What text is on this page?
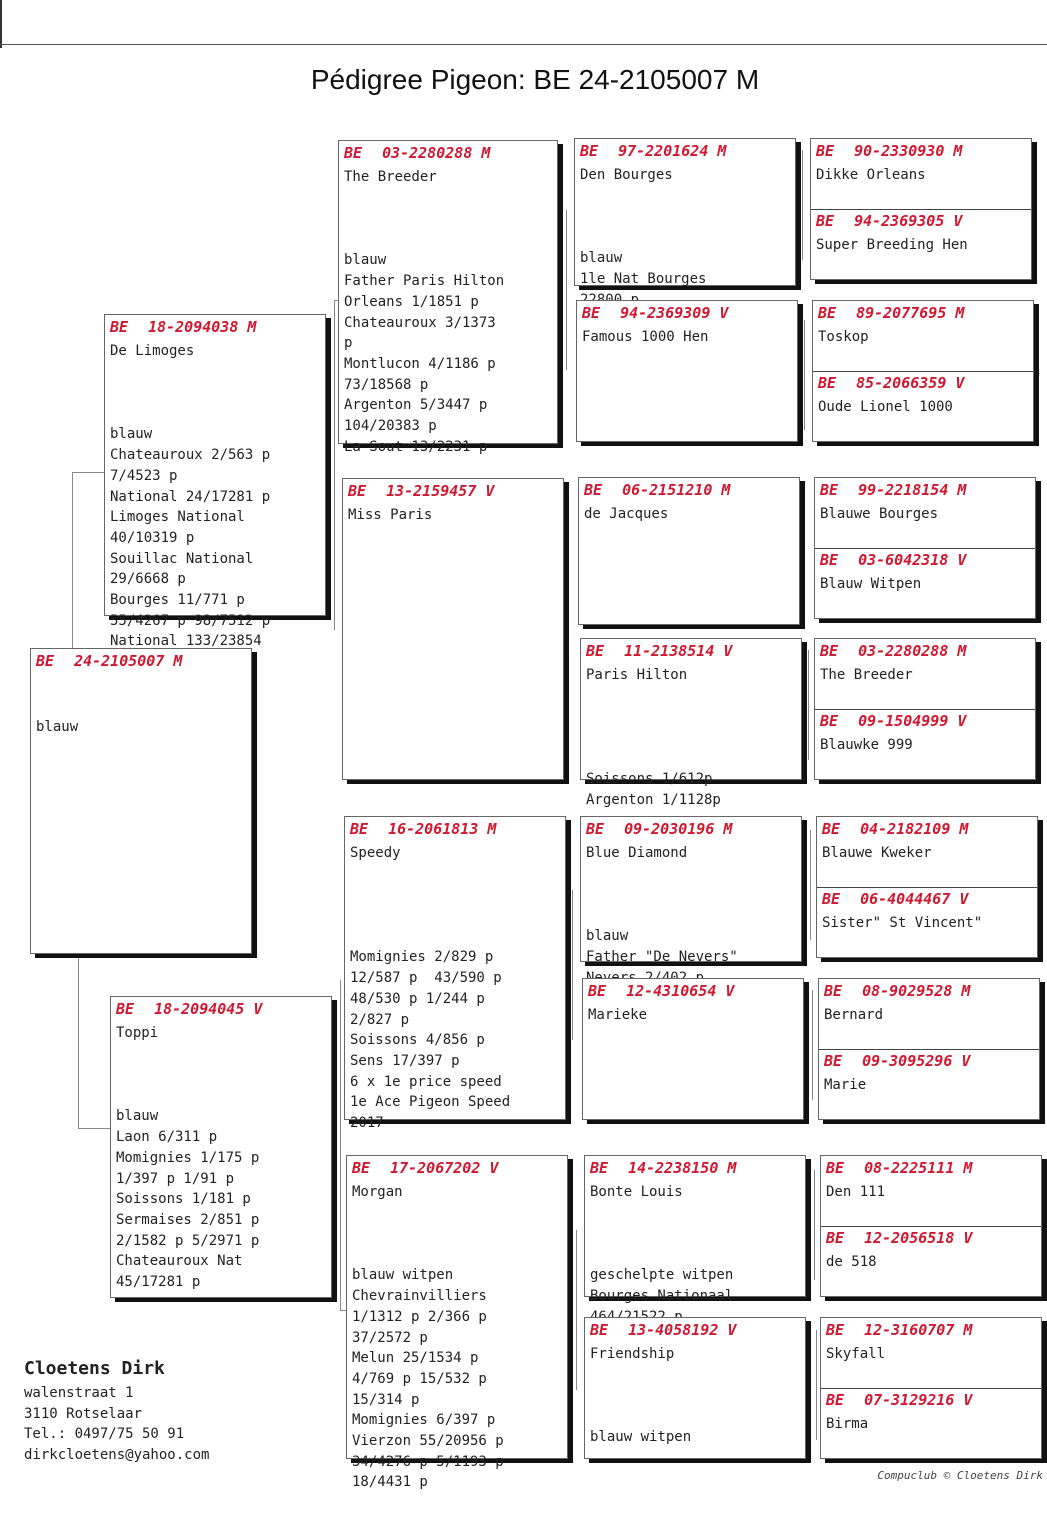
Pédigree Pigeon: BE 24-2105007 M
BE 24-2105007 M
blauw
BE 18-2094038 M
De Limoges

blauw
Chateauroux 2/563 p
7/4523 p
National 24/17281 p
Limoges National
40/10319 p
Souillac National
29/6668 p
Bourges 11/771 p
55/4267 p 98/7512 p
National 133/23854

BE 18-2094045 V
Toppi

blauw
Laon 6/311 p
Momignies 1/175 p
1/397 p 1/91 p
Soissons 1/181 p
Sermaises 2/851 p
2/1582 p 5/2971 p
Chateauroux Nat
45/17281 p

BE 03-2280288 M
The Breeder

blauw
Father Paris Hilton
Orleans 1/1851 p
Chateauroux 3/1373
p
Montlucon 4/1186 p
73/18568 p
Argenton 5/3447 p
104/20383 p
La Sout 13/2231 p

BE 13-2159457 V
Miss Paris
BE 16-2061813 M
Speedy

Momignies 2/829 p
12/587 p  43/590 p
48/530 p 1/244 p
2/827 p
Soissons 4/856 p
Sens 17/397 p
6 x 1e price speed
1e Ace Pigeon Speed
2017

BE 17-2067202 V
Morgan

blauw witpen
Chevrainvilliers
1/1312 p 2/366 p
37/2572 p
Melun 25/1534 p
4/769 p 15/532 p
15/314 p
Momignies 6/397 p
Vierzon 55/20956 p
34/4276 p 5/1193 p
18/4431 p

BE 97-2201624 M
Den Bourges

blauw
1le Nat Bourges

BE 94-2369309 V
Famous 1000 Hen
BE 06-2151210 M
de Jacques
BE 11-2138514 V
Paris Hilton

Soissons 1/612p
Argenton 1/1128p

BE 09-2030196 M
Blue Diamond

blauw
Father "De Nevers"

BE 12-4310654 V
Marieke
BE 14-2238150 M
Bonte Louis

geschelpte witpen
Bourges Nationaal

BE 13-4058192 V
Friendship

blauw witpen

BE 90-2330930 M
Dikke Orleans
BE 94-2369305 V
Super Breeding Hen
BE 89-2077695 M
Toskop
BE 85-2066359 V
Oude Lionel 1000
BE 99-2218154 M
Blauwe Bourges
BE 03-6042318 V
Blauw Witpen
BE 03-2280288 M
The Breeder
BE 09-1504999 V
Blauwke 999
BE 04-2182109 M
Blauwe Kweker
BE 06-4044467 V
Sister" St Vincent"
BE 08-9029528 M
Bernard
BE 09-3095296 V
Marie
BE 08-2225111 M
Den 111
BE 12-2056518 V
de 518
BE 12-3160707 M
Skyfall
BE 07-3129216 V
Birma
Cloetens Dirk
walenstraat 1
3110 Rotselaar
Tel.: 0497/75 50 91
dirkcloetens@yahoo.com
Compuclub © Cloetens Dirk
